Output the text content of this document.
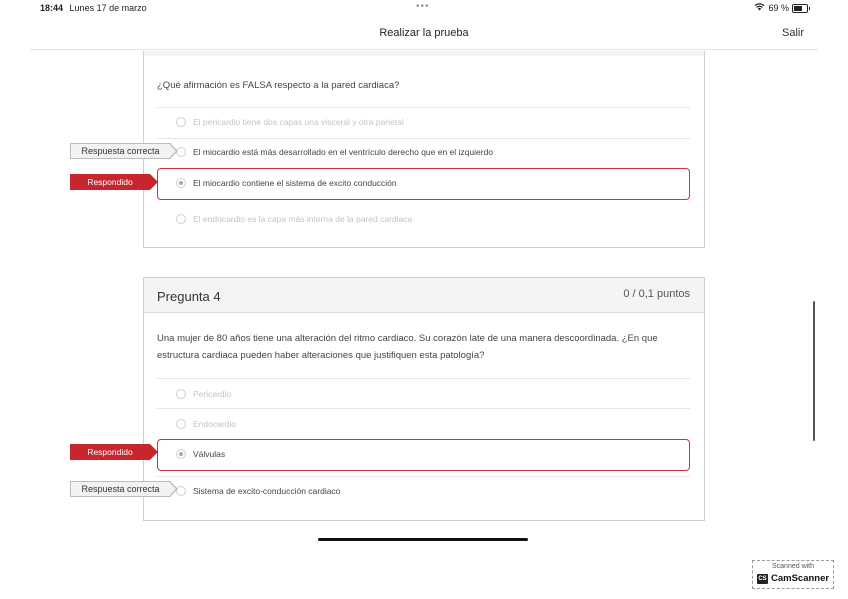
18:44 Lunes 17 de marzo	•••	69 %
Realizar la prueba	Salir
¿Qué afirmación es FALSA respecto a la pared cardiaca?
El pericardio tiene dos capas una visceral y otra parietal
El miocardio está más desarrollado en el ventrículo derecho que en el izquierdo
El miocardio contiene el sistema de excito conducción
El endocardio es la capa más interna de la pared cardiaca
Respuesta correcta
Respondido
Pregunta 4	0 / 0,1 puntos
Una mujer de 80 años tiene una alteración del ritmo cardiaco. Su corazón late de una manera descoordinada. ¿En que estructura cardiaca pueden haber alteraciones que justifiquen esta patología?
Pericardio
Endocardio
Válvulas
Sistema de excito-conducción cardiaco
Respondido
Respuesta correcta
Scanned with
CS CamScanner
